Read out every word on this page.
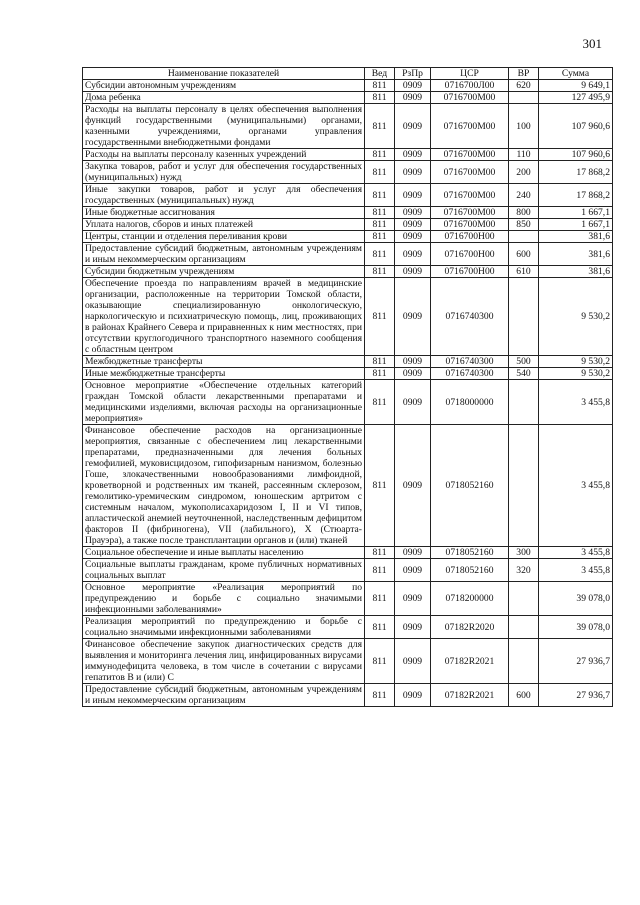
301
Наименование показателей	Вед	РзПр	ЦСР	ВР	Сумма
Субсидии автономным учреждениям	811	0909	0716700Л00	620	9 649,1
Дома ребенка	811	0909	0716700М00		127 495,9
Расходы на выплаты персоналу в целях обеспечения выполнения функций государственными (муниципальными) органами, казенными учреждениями, органами управления государственными внебюджетными фондами	811	0909	0716700М00	100	107 960,6
Расходы на выплаты персоналу казенных учреждений	811	0909	0716700М00	110	107 960,6
Закупка товаров, работ и услуг для обеспечения государственных (муниципальных) нужд	811	0909	0716700М00	200	17 868,2
Иные закупки товаров, работ и услуг для обеспечения государственных (муниципальных) нужд	811	0909	0716700М00	240	17 868,2
Иные бюджетные ассигнования	811	0909	0716700М00	800	1 667,1
Уплата налогов, сборов и иных платежей	811	0909	0716700М00	850	1 667,1
Центры, станции и отделения переливания крови	811	0909	0716700Н00		381,6
Предоставление субсидий бюджетным, автономным учреждениям и иным некоммерческим организациям	811	0909	0716700Н00	600	381,6
Субсидии бюджетным учреждениям	811	0909	0716700Н00	610	381,6
Обеспечение проезда по направлениям врачей в медицинские организации, расположенные на территории Томской области, оказывающие специализированную онкологическую, наркологическую и психиатрическую помощь, лиц, проживающих в районах Крайнего Севера и приравненных к ним местностях, при отсутствии круглогодичного транспортного наземного сообщения с областным центром	811	0909	0716740300		9 530,2
Межбюджетные трансферты	811	0909	0716740300	500	9 530,2
Иные межбюджетные трансферты	811	0909	0716740300	540	9 530,2
Основное мероприятие «Обеспечение отдельных категорий граждан Томской области лекарственными препаратами и медицинскими изделиями, включая расходы на организационные мероприятия»	811	0909	0718000000		3 455,8
Финансовое обеспечение расходов на организационные мероприятия, связанные с обеспечением лиц лекарственными препаратами, предназначенными для лечения больных гемофилией, муковисцидозом, гипофизарным нанизмом, болезнью Гоше, злокачественными новообразованиями лимфоидной, кроветворной и родственных им тканей, рассеянным склерозом, гемолитико-уремическим синдромом, юношеским артритом с системным началом, мукополисахаридозом I, II и VI типов, апластической анемией неуточненной, наследственным дефицитом факторов II (фибриногена), VII (лабильного), X (Стюарта-Прауэра), а также после трансплантации органов и (или) тканей	811	0909	0718052160		3 455,8
Социальное обеспечение и иные выплаты населению	811	0909	0718052160	300	3 455,8
Социальные выплаты гражданам, кроме публичных нормативных социальных выплат	811	0909	0718052160	320	3 455,8
Основное мероприятие «Реализация мероприятий по предупреждению и борьбе с социально значимыми инфекционными заболеваниями»	811	0909	0718200000		39 078,0
Реализация мероприятий по предупреждению и борьбе с социально значимыми инфекционными заболеваниями	811	0909	07182R2020		39 078,0
Финансовое обеспечение закупок диагностических средств для выявления и мониторинга лечения лиц, инфицированных вирусами иммунодефицита человека, в том числе в сочетании с вирусами гепатитов B и (или) C	811	0909	07182R2021		27 936,7
Предоставление субсидий бюджетным, автономным учреждениям и иным некоммерческим организациям	811	0909	07182R2021	600	27 936,7
